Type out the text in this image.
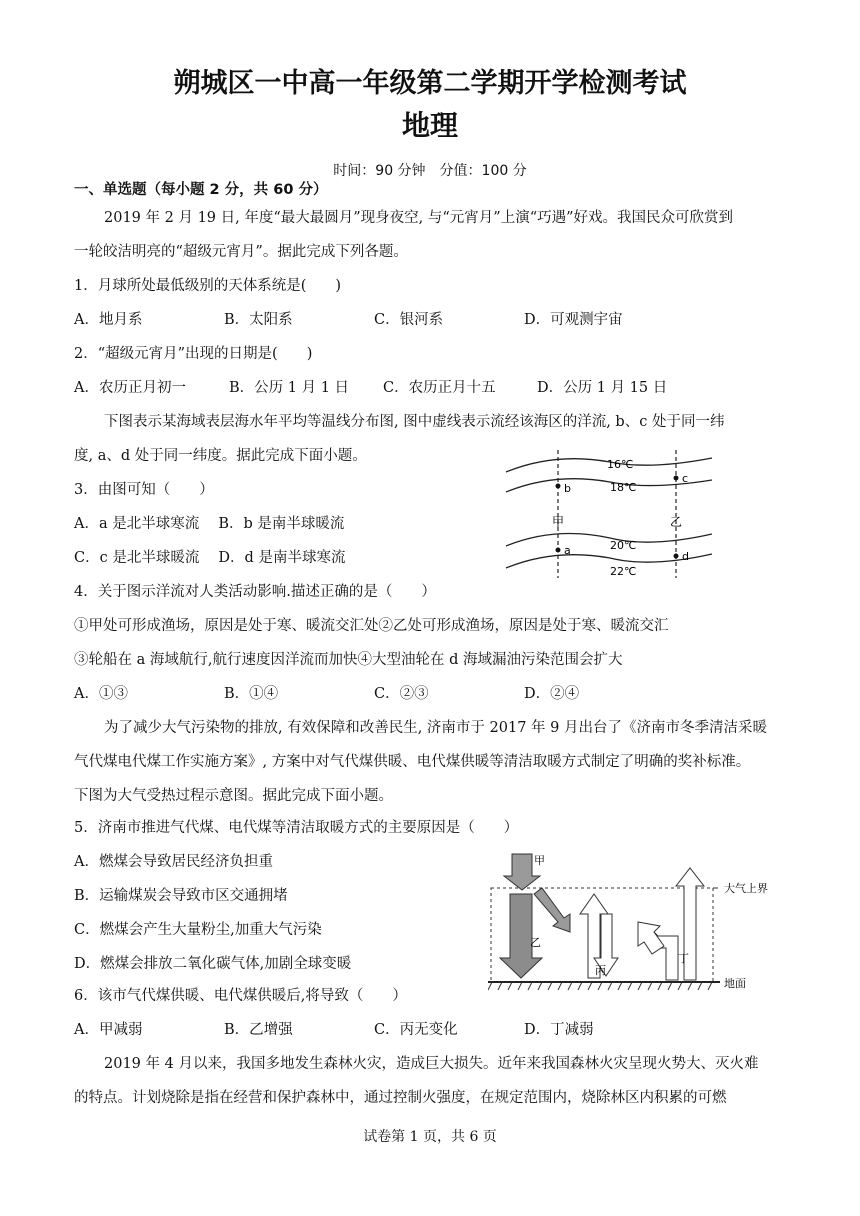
朔城区一中高一年级第二学期开学检测考试
地理
时间：90 分钟　分值：100 分
一、单选题（每小题 2 分，共 60 分）
2019 年 2 月 19 日, 年度“最大最圆月”现身夜空, 与“元宵月”上演“巧遇”好戏。我国民众可欣赏到
一轮皎洁明亮的“超级元宵月”。据此完成下列各题。
1．月球所处最低级别的天体系统是(　　)
A．地月系	B．太阳系	C．银河系	D．可观测宇宙
2．“超级元宵月”出现的日期是(　　)
A．农历正月初一	B．公历 1 月 1 日 C．农历正月十五	D．公历 1 月 15 日
下图表示某海域表层海水年平均等温线分布图, 图中虚线表示流经该海区的洋流, b、c 处于同一纬
度, a、d 处于同一纬度。据此完成下面小题。
3．由图可知（　　）
A．a 是北半球寒流　 B．b 是南半球暖流
C．c 是北半球暖流　 D．d 是南半球寒流
16℃
18℃
20℃
22℃
甲	乙
b
a
c
d
4．关于图示洋流对人类活动影响.描述正确的是（　　）
①甲处可形成渔场，原因是处于寒、暖流交汇处②乙处可形成渔场，原因是处于寒、暖流交汇
③轮船在 a 海域航行,航行速度因洋流而加快④大型油轮在 d 海域漏油污染范围会扩大
A．①③	B．①④	C．②③	D．②④
为了减少大气污染物的排放, 有效保障和改善民生, 济南市于 2017 年 9 月出台了《济南市冬季清洁采暖
气代煤电代煤工作实施方案》, 方案中对气代煤供暖、电代煤供暖等清洁取暖方式制定了明确的奖补标准。
下图为大气受热过程示意图。据此完成下面小题。
5．济南市推进气代煤、电代煤等清洁取暖方式的主要原因是（　　）
A．燃煤会导致居民经济负担重
B．运输煤炭会导致市区交通拥堵
C．燃煤会产生大量粉尘,加重大气污染
D．燃煤会排放二氧化碳气体,加剧全球变暖
甲
乙
丙
丁
大气上界
地面
6．该市气代煤供暖、电代煤供暖后,将导致（　　）
A．甲减弱	B．乙增强	C．丙无变化	D．丁减弱
2019 年 4 月以来，我国多地发生森林火灾，造成巨大损失。近年来我国森林火灾呈现火势大、灭火难
的特点。计划烧除是指在经营和保护森林中，通过控制火强度，在规定范围内，烧除林区内积累的可燃
试卷第 1 页，共 6 页
